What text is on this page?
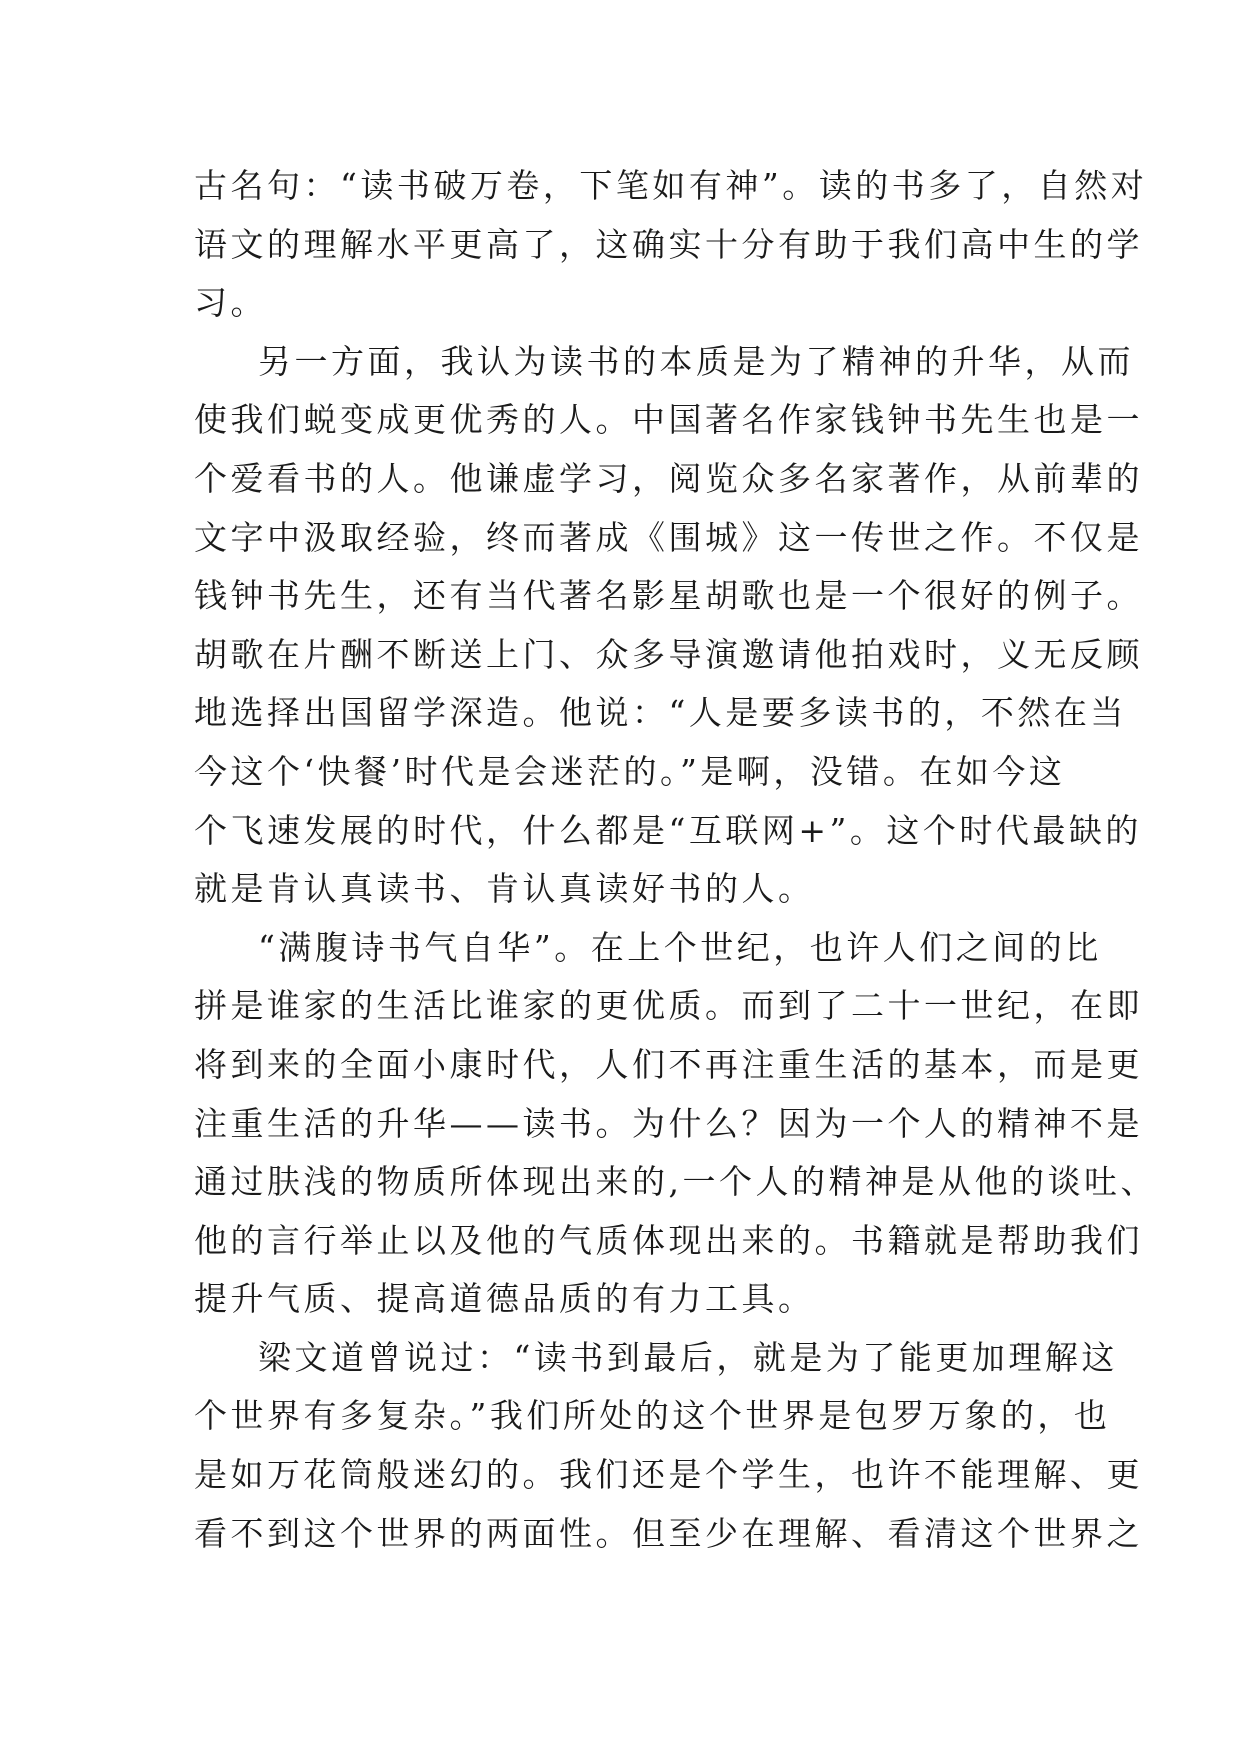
古名句：“读书破万卷，下笔如有神”。读的书多了，自然对
语文的理解水平更高了，这确实十分有助于我们高中生的学
习。
另一方面，我认为读书的本质是为了精神的升华，从而
使我们蜕变成更优秀的人。中国著名作家钱钟书先生也是一
个爱看书的人。他谦虚学习，阅览众多名家著作，从前辈的
文字中汲取经验，终而著成《围城》这一传世之作。不仅是
钱钟书先生，还有当代著名影星胡歌也是一个很好的例子。
胡歌在片酬不断送上门、众多导演邀请他拍戏时，义无反顾
地选择出国留学深造。他说：“人是要多读书的，不然在当
今这个‘快餐’时代是会迷茫的。”是啊，没错。在如今这
个飞速发展的时代，什么都是“互联网+”。这个时代最缺的
就是肯认真读书、肯认真读好书的人。
“满腹诗书气自华”。在上个世纪，也许人们之间的比
拼是谁家的生活比谁家的更优质。而到了二十一世纪，在即
将到来的全面小康时代，人们不再注重生活的基本，而是更
注重生活的升华——读书。为什么？因为一个人的精神不是
通过肤浅的物质所体现出来的,一个人的精神是从他的谈吐、
他的言行举止以及他的气质体现出来的。书籍就是帮助我们
提升气质、提高道德品质的有力工具。
梁文道曾说过：“读书到最后，就是为了能更加理解这
个世界有多复杂。”我们所处的这个世界是包罗万象的，也
是如万花筒般迷幻的。我们还是个学生，也许不能理解、更
看不到这个世界的两面性。但至少在理解、看清这个世界之
